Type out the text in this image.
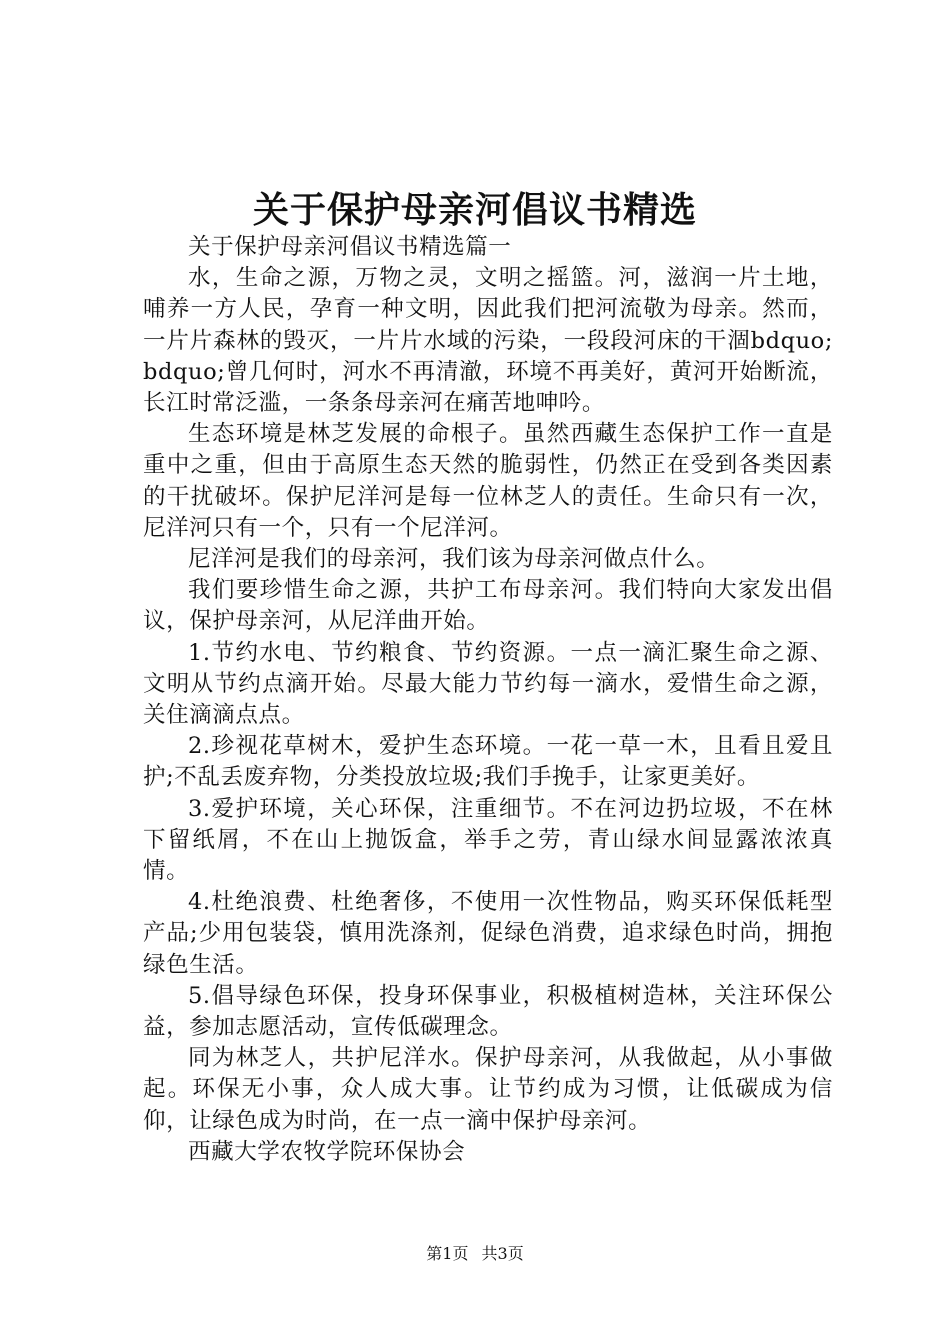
关于保护母亲河倡议书精选

关于保护母亲河倡议书精选篇一

水，生命之源，万物之灵，文明之摇篮。河，滋润一片土地，哺养一方人民，孕育一种文明，因此我们把河流敬为母亲。然而，一片片森林的毁灭，一片片水域的污染，一段段河床的干涸bdquo;bdquo;曾几何时，河水不再清澈，环境不再美好，黄河开始断流，长江时常泛滥，一条条母亲河在痛苦地呻吟。

生态环境是林芝发展的命根子。虽然西藏生态保护工作一直是重中之重，但由于高原生态天然的脆弱性，仍然正在受到各类因素的干扰破坏。保护尼洋河是每一位林芝人的责任。生命只有一次，尼洋河只有一个，只有一个尼洋河。

尼洋河是我们的母亲河，我们该为母亲河做点什么。

我们要珍惜生命之源，共护工布母亲河。我们特向大家发出倡议，保护母亲河，从尼洋曲开始。

1.节约水电、节约粮食、节约资源。一点一滴汇聚生命之源、文明从节约点滴开始。尽最大能力节约每一滴水，爱惜生命之源，关住滴滴点点。

2.珍视花草树木，爱护生态环境。一花一草一木，且看且爱且护;不乱丢废弃物，分类投放垃圾;我们手挽手，让家更美好。

3.爱护环境，关心环保，注重细节。不在河边扔垃圾，不在林下留纸屑，不在山上抛饭盒，举手之劳，青山绿水间显露浓浓真情。

4.杜绝浪费、杜绝奢侈，不使用一次性物品，购买环保低耗型产品;少用包装袋，慎用洗涤剂，促绿色消费，追求绿色时尚，拥抱绿色生活。

5.倡导绿色环保，投身环保事业，积极植树造林，关注环保公益，参加志愿活动，宣传低碳理念。

同为林芝人，共护尼洋水。保护母亲河，从我做起，从小事做起。环保无小事，众人成大事。让节约成为习惯，让低碳成为信仰，让绿色成为时尚，在一点一滴中保护母亲河。

西藏大学农牧学院环保协会

第1页 共3页
